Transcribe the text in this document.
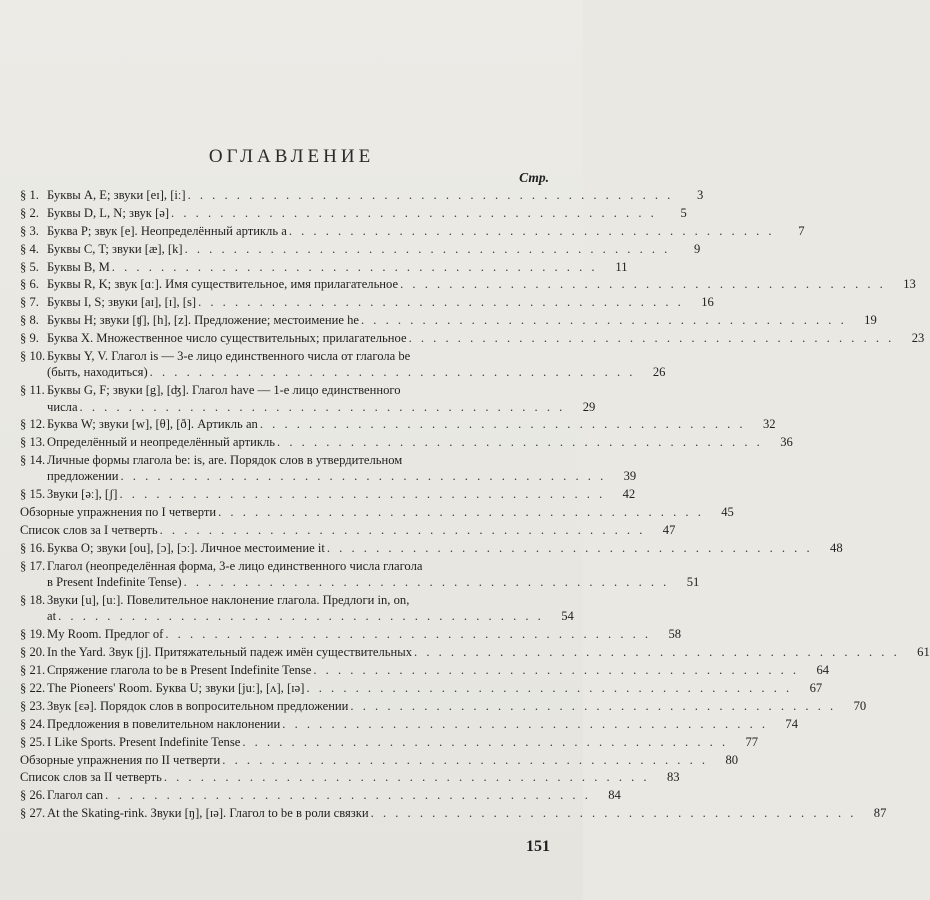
ОГЛАВЛЕНИЕ
Стр.
§ 1. Буквы А, Е; звуки [eɪ], [iː] . . . . . . . . . . . . . . . . . . . . . . . . . . . . . . . . . . . . . . . .	3
§ 2. Буквы D, L, N; звук [ə] . . . . . . . . . . . . . . . . . . . . . . . . . . . . . . . . . . . . . . . .	5
§ 3. Буква P; звук [e]. Неопределённый артикль a . . . . . . . . . . . . . . . . . . . . . . . . . . . . . . . . . . . . . . . .	7
§ 4. Буквы C, T; звуки [æ], [k] . . . . . . . . . . . . . . . . . . . . . . . . . . . . . . . . . . . . . . . .	9
§ 5. Буквы B, M . . . . . . . . . . . . . . . . . . . . . . . . . . . . . . . . . . . . . . . .	11
§ 6. Буквы R, K; звук [ɑː]. Имя существительное, имя прилагательное . . . . . . . . . . . . . . . . . . . . . . . . . . . . . . . . . . . . . . . .	13
§ 7. Буквы I, S; звуки [aɪ], [ɪ], [s] . . . . . . . . . . . . . . . . . . . . . . . . . . . . . . . . . . . . . . . .	16
§ 8. Буквы H; звуки [ʧ], [h], [z]. Предложение; местоимение he . . . . . . . . . . . . . . . . . . . . . . . . . . . . . . . . . . . . . . . .	19
§ 9. Буква X. Множественное число существительных; прилагательное . . . . . . . . . . . . . . . . . . . . . . . . . . . . . . . . . . . . . . . .	23
§ 10. Буквы Y, V. Глагол is — 3-е лицо единственного числа от глагола be
(быть, находиться) . . . . . . . . . . . . . . . . . . . . . . . . . . . . . . . . . . . . . . . .	26
§ 11. Буквы G, F; звуки [g], [ʤ]. Глагол have — 1-е лицо единственного
числа . . . . . . . . . . . . . . . . . . . . . . . . . . . . . . . . . . . . . . . .	29
§ 12. Буква W; звуки [w], [θ], [ð]. Артикль an . . . . . . . . . . . . . . . . . . . . . . . . . . . . . . . . . . . . . . . .	32
§ 13. Определённый и неопределённый артикль . . . . . . . . . . . . . . . . . . . . . . . . . . . . . . . . . . . . . . . .	36
§ 14. Личные формы глагола be: is, are. Порядок слов в утвердительном
предложении . . . . . . . . . . . . . . . . . . . . . . . . . . . . . . . . . . . . . . . .	39
§ 15. Звуки [əː], [ʃ] . . . . . . . . . . . . . . . . . . . . . . . . . . . . . . . . . . . . . . . .	42
Обзорные упражнения по I четверти . . . . . . . . . . . . . . . . . . . . . . . . . . . . . . . . . . . . . . . .	45
Список слов за I четверть . . . . . . . . . . . . . . . . . . . . . . . . . . . . . . . . . . . . . . . .	47
§ 16. Буква O; звуки [ou], [ɔ], [ɔː]. Личное местоимение it . . . . . . . . . . . . . . . . . . . . . . . . . . . . . . . . . . . . . . . .	48
§ 17. Глагол (неопределённая форма, 3-е лицо единственного числа глагола
в Present Indefinite Tense) . . . . . . . . . . . . . . . . . . . . . . . . . . . . . . . . . . . . . . . .	51
§ 18. Звуки [u], [uː]. Повелительное наклонение глагола. Предлоги in, on,
at . . . . . . . . . . . . . . . . . . . . . . . . . . . . . . . . . . . . . . . .	54
§ 19. My Room. Предлог of . . . . . . . . . . . . . . . . . . . . . . . . . . . . . . . . . . . . . . . .	58
§ 20. In the Yard. Звук [j]. Притяжательный падеж имён существительных . . . . . . . . . . . . . . . . . . . . . . . . . . . . . . . . . . . . . . . .	61
§ 21. Спряжение глагола to be в Present Indefinite Tense . . . . . . . . . . . . . . . . . . . . . . . . . . . . . . . . . . . . . . . .	64
§ 22. The Pioneers' Room. Буква U; звуки [juː], [ʌ], [ɪə] . . . . . . . . . . . . . . . . . . . . . . . . . . . . . . . . . . . . . . . .	67
§ 23. Звук [ɛə]. Порядок слов в вопросительном предложении . . . . . . . . . . . . . . . . . . . . . . . . . . . . . . . . . . . . . . . .	70
§ 24. Предложения в повелительном наклонении . . . . . . . . . . . . . . . . . . . . . . . . . . . . . . . . . . . . . . . .	74
§ 25. I Like Sports. Present Indefinite Tense . . . . . . . . . . . . . . . . . . . . . . . . . . . . . . . . . . . . . . . .	77
Обзорные упражнения по II четверти . . . . . . . . . . . . . . . . . . . . . . . . . . . . . . . . . . . . . . . .	80
Список слов за II четверть . . . . . . . . . . . . . . . . . . . . . . . . . . . . . . . . . . . . . . . .	83
§ 26. Глагол can . . . . . . . . . . . . . . . . . . . . . . . . . . . . . . . . . . . . . . . .	84
§ 27. At the Skating-rink. Звуки [ŋ], [ɪə]. Глагол to be в роли связки . . . . . . . . . . . . . . . . . . . . . . . . . . . . . . . . . . . . . . . .	87
151
